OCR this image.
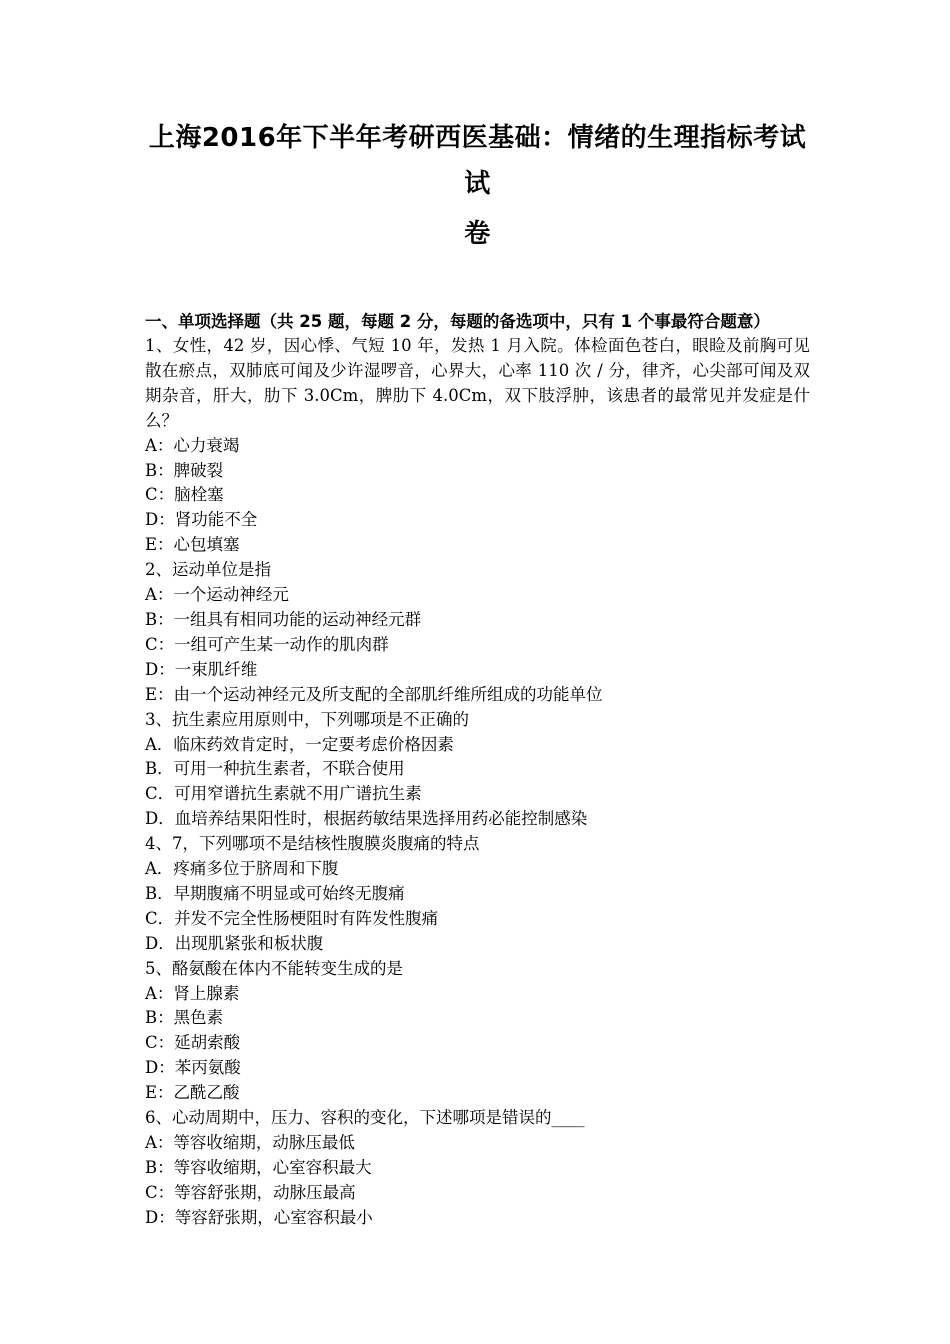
上海2016年下半年考研西医基础：情绪的生理指标考试试
卷

一、单项选择题（共 25 题，每题 2 分，每题的备选项中，只有 1 个事最符合题意）

1、女性，42 岁，因心悸、气短 10 年，发热 1 月入院。体检面色苍白，眼睑及前胸可见散在瘀点，双肺底可闻及少许湿啰音，心界大，心率 110 次 / 分，律齐，心尖部可闻及双期杂音，肝大，肋下 3.0Cm，脾肋下 4.0Cm，双下肢浮肿，该患者的最常见并发症是什么？

A：心力衰竭

B：脾破裂

C：脑栓塞

D：肾功能不全

E：心包填塞

2、运动单位是指

A：一个运动神经元

B：一组具有相同功能的运动神经元群

C：一组可产生某一动作的肌肉群

D：一束肌纤维

E：由一个运动神经元及所支配的全部肌纤维所组成的功能单位

3、抗生素应用原则中，下列哪项是不正确的

A．临床药效肯定时，一定要考虑价格因素

B．可用一种抗生素者，不联合使用

C．可用窄谱抗生素就不用广谱抗生素

D．血培养结果阳性时，根据药敏结果选择用药必能控制感染

4、7，下列哪项不是结核性腹膜炎腹痛的特点

A．疼痛多位于脐周和下腹

B．早期腹痛不明显或可始终无腹痛

C．并发不完全性肠梗阻时有阵发性腹痛

D．出现肌紧张和板状腹

5、酪氨酸在体内不能转变生成的是

A：肾上腺素

B：黑色素

C：延胡索酸

D：苯丙氨酸

E：乙酰乙酸

6、心动周期中，压力、容积的变化，下述哪项是错误的____

A：等容收缩期，动脉压最低

B：等容收缩期，心室容积最大

C：等容舒张期，动脉压最高

D：等容舒张期，心室容积最小
